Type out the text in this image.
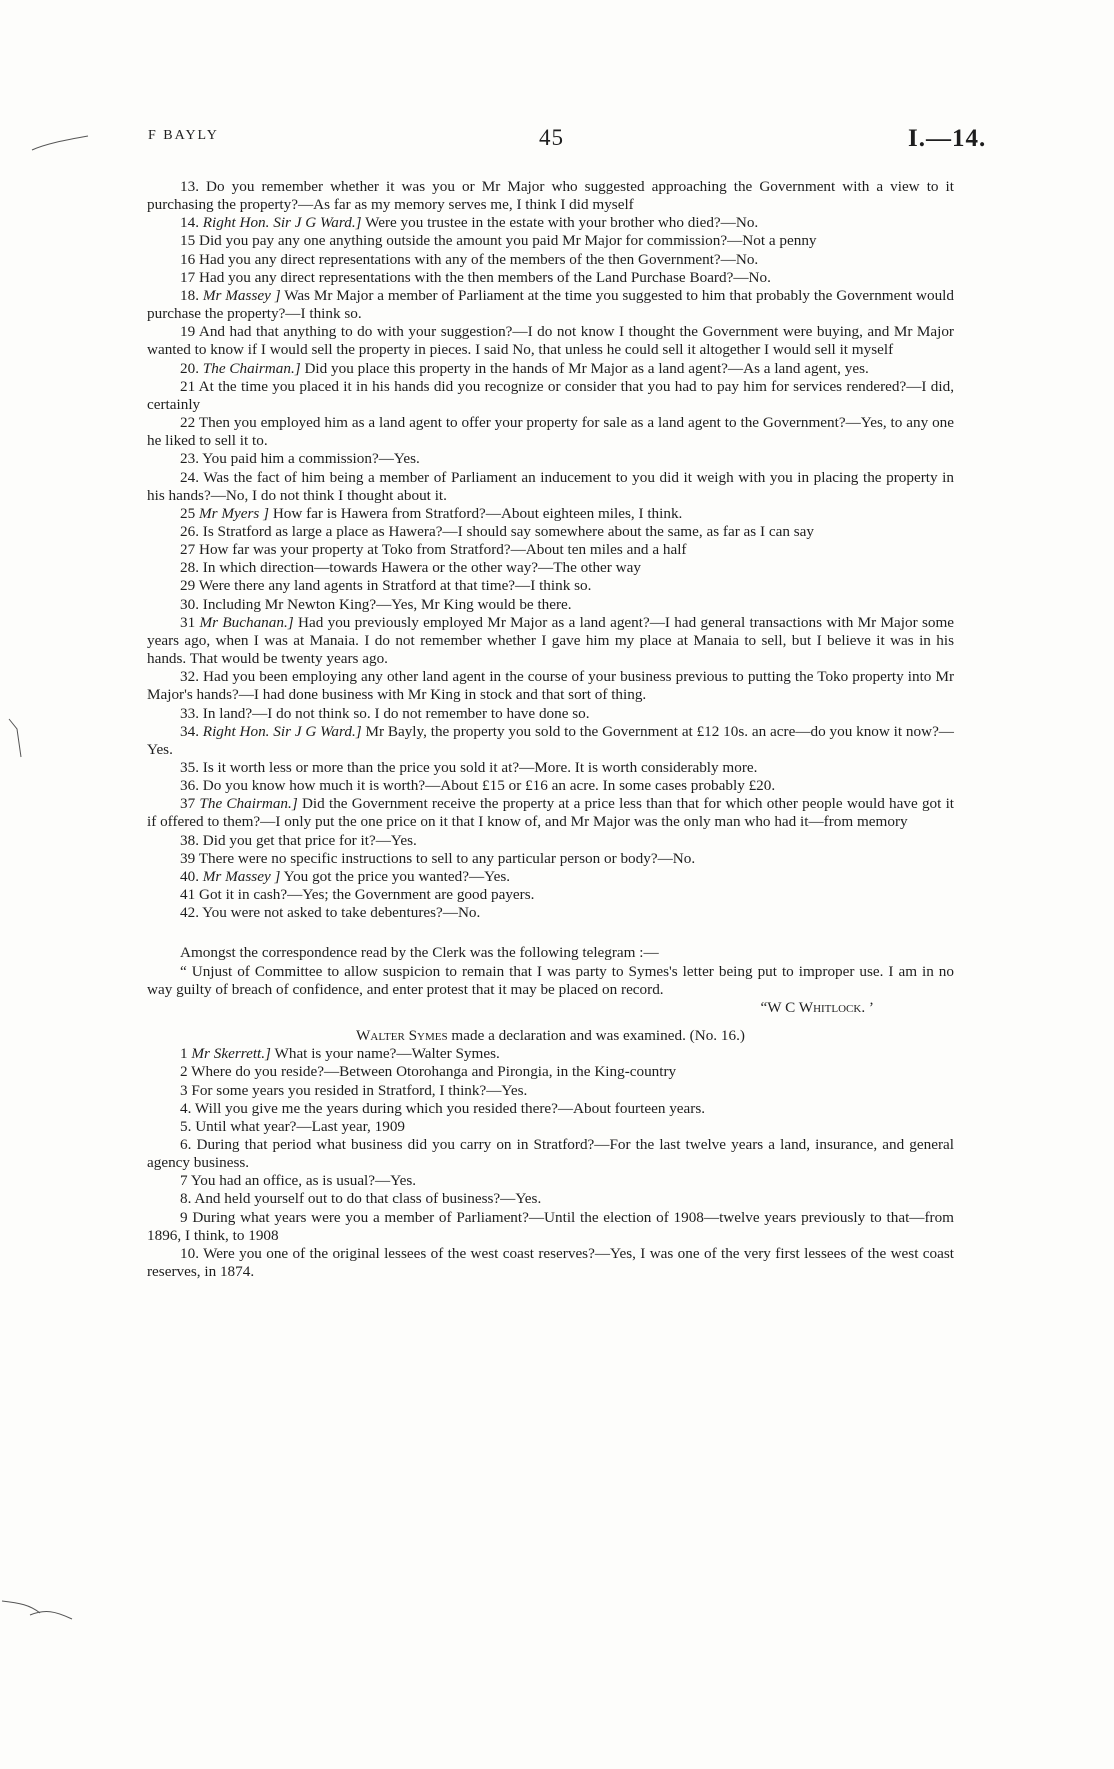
F BAYLY	45	I.—14.

13. Do you remember whether it was you or Mr Major who suggested approaching the Government with a view to it purchasing the property?—As far as my memory serves me, I think I did myself

14. Right Hon. Sir J G Ward.] Were you trustee in the estate with your brother who died?—No.

15 Did you pay any one anything outside the amount you paid Mr Major for commission?—Not a penny

16 Had you any direct representations with any of the members of the then Government?—No.

17 Had you any direct representations with the then members of the Land Purchase Board?—No.

18. Mr Massey ] Was Mr Major a member of Parliament at the time you suggested to him that probably the Government would purchase the property?—I think so.

19 And had that anything to do with your suggestion?—I do not know I thought the Government were buying, and Mr Major wanted to know if I would sell the property in pieces. I said No, that unless he could sell it altogether I would sell it myself

20. The Chairman.] Did you place this property in the hands of Mr Major as a land agent?—As a land agent, yes.

21 At the time you placed it in his hands did you recognize or consider that you had to pay him for services rendered?—I did, certainly

22 Then you employed him as a land agent to offer your property for sale as a land agent to the Government?—Yes, to any one he liked to sell it to.

23. You paid him a commission?—Yes.

24. Was the fact of him being a member of Parliament an inducement to you did it weigh with you in placing the property in his hands?—No, I do not think I thought about it.

25 Mr Myers ] How far is Hawera from Stratford?—About eighteen miles, I think.

26. Is Stratford as large a place as Hawera?—I should say somewhere about the same, as far as I can say

27 How far was your property at Toko from Stratford?—About ten miles and a half

28. In which direction—towards Hawera or the other way?—The other way

29 Were there any land agents in Stratford at that time?—I think so.

30. Including Mr Newton King?—Yes, Mr King would be there.

31 Mr Buchanan.] Had you previously employed Mr Major as a land agent?—I had general transactions with Mr Major some years ago, when I was at Manaia. I do not remember whether I gave him my place at Manaia to sell, but I believe it was in his hands. That would be twenty years ago.

32. Had you been employing any other land agent in the course of your business previous to putting the Toko property into Mr Major's hands?—I had done business with Mr King in stock and that sort of thing.

33. In land?—I do not think so. I do not remember to have done so.

34. Right Hon. Sir J G Ward.] Mr Bayly, the property you sold to the Government at £12 10s. an acre—do you know it now?—Yes.

35. Is it worth less or more than the price you sold it at?—More. It is worth considerably more.

36. Do you know how much it is worth?—About £15 or £16 an acre. In some cases probably £20.

37 The Chairman.] Did the Government receive the property at a price less than that for which other people would have got it if offered to them?—I only put the one price on it that I know of, and Mr Major was the only man who had it—from memory

38. Did you get that price for it?—Yes.

39 There were no specific instructions to sell to any particular person or body?—No.

40. Mr Massey ] You got the price you wanted?—Yes.

41 Got it in cash?—Yes; the Government are good payers.

42. You were not asked to take debentures?—No.

Amongst the correspondence read by the Clerk was the following telegram :—

“ Unjust of Committee to allow suspicion to remain that I was party to Symes's letter being put to improper use. I am in no way guilty of breach of confidence, and enter protest that it may be placed on record.

“W C Whitlock. ’

Walter Symes made a declaration and was examined. (No. 16.)

1 Mr Skerrett.] What is your name?—Walter Symes.

2 Where do you reside?—Between Otorohanga and Pirongia, in the King-country

3 For some years you resided in Stratford, I think?—Yes.

4. Will you give me the years during which you resided there?—About fourteen years.

5. Until what year?—Last year, 1909

6. During that period what business did you carry on in Stratford?—For the last twelve years a land, insurance, and general agency business.

7 You had an office, as is usual?—Yes.

8. And held yourself out to do that class of business?—Yes.

9 During what years were you a member of Parliament?—Until the election of 1908—twelve years previously to that—from 1896, I think, to 1908

10. Were you one of the original lessees of the west coast reserves?—Yes, I was one of the very first lessees of the west coast reserves, in 1874.
